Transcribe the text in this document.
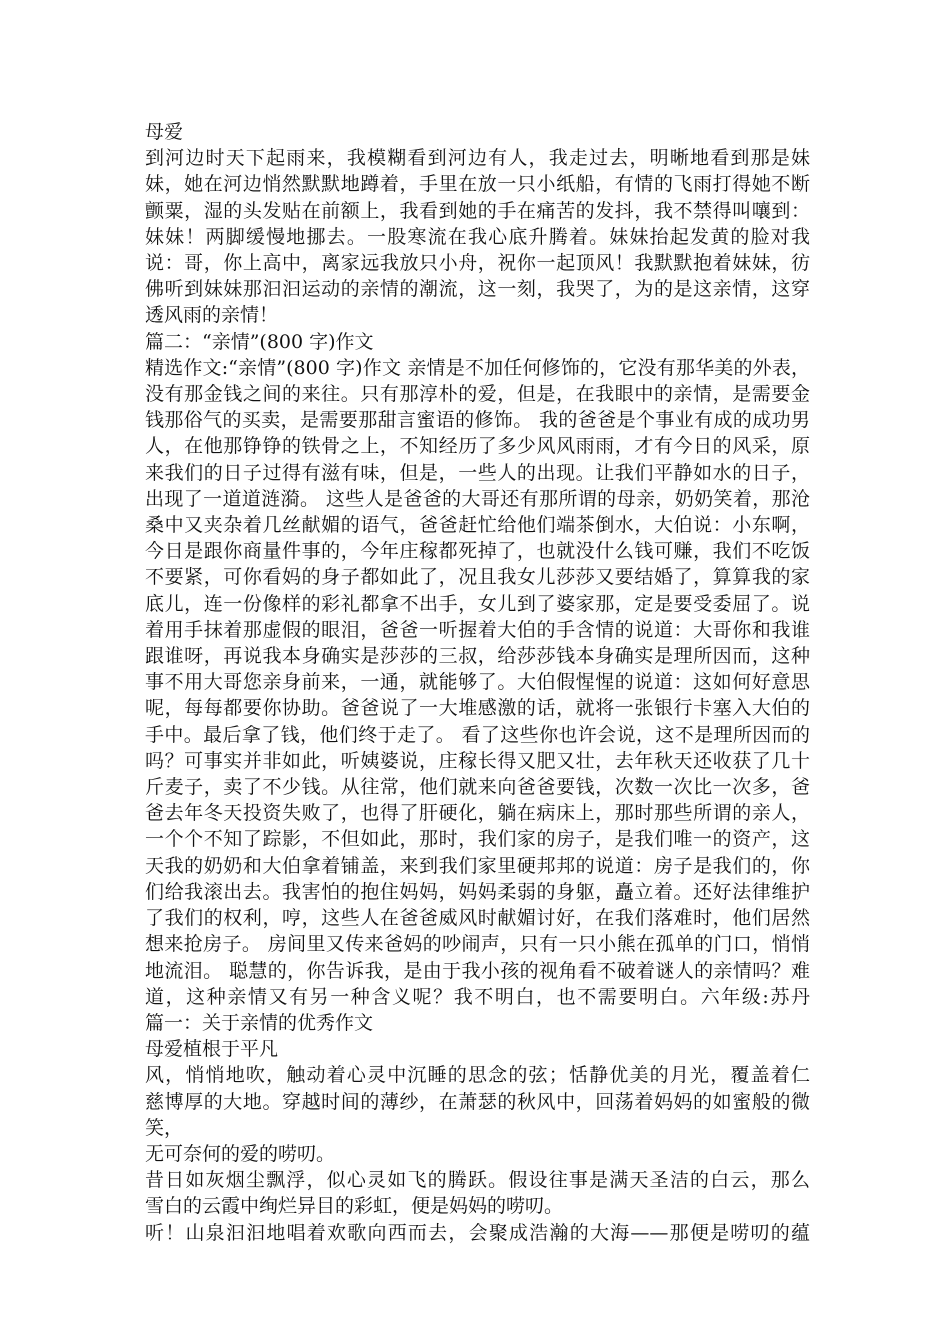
母爱
到河边时天下起雨来，我模糊看到河边有人，我走过去，明晰地看到那是妹
妹，她在河边悄然默默地蹲着，手里在放一只小纸船，有情的飞雨打得她不断
颤粟，湿的头发贴在前额上，我看到她的手在痛苦的发抖，我不禁得叫嚷到：
妹妹！两脚缓慢地挪去。一股寒流在我心底升腾着。妹妹抬起发黄的脸对我
说：哥，你上高中，离家远我放只小舟，祝你一起顶风！我默默抱着妹妹，彷
佛听到妹妹那汩汩运动的亲情的潮流，这一刻，我哭了，为的是这亲情，这穿
透风雨的亲情！
篇二：“亲情”(800 字)作文
精选作文:“亲情”(800 字)作文 亲情是不加任何修饰的，它没有那华美的外表，
没有那金钱之间的来往。只有那淳朴的爱，但是，在我眼中的亲情，是需要金
钱那俗气的买卖，是需要那甜言蜜语的修饰。 我的爸爸是个事业有成的成功男
人，在他那铮铮的铁骨之上，不知经历了多少风风雨雨，才有今日的风采，原
来我们的日子过得有滋有味，但是，一些人的出现。让我们平静如水的日子，
出现了一道道涟漪。 这些人是爸爸的大哥还有那所谓的母亲，奶奶笑着，那沧
桑中又夹杂着几丝献媚的语气，爸爸赶忙给他们端茶倒水，大伯说：小东啊，
今日是跟你商量件事的，今年庄稼都死掉了，也就没什么钱可赚，我们不吃饭
不要紧，可你看妈的身子都如此了，况且我女儿莎莎又要结婚了，算算我的家
底儿，连一份像样的彩礼都拿不出手，女儿到了婆家那，定是要受委屈了。说
着用手抹着那虚假的眼泪，爸爸一听握着大伯的手含情的说道：大哥你和我谁
跟谁呀，再说我本身确实是莎莎的三叔，给莎莎钱本身确实是理所因而，这种
事不用大哥您亲身前来，一通，就能够了。大伯假惺惺的说道：这如何好意思
呢，每每都要你协助。爸爸说了一大堆感激的话，就将一张银行卡塞入大伯的
手中。最后拿了钱，他们终于走了。 看了这些你也许会说，这不是理所因而的
吗？可事实并非如此，听姨婆说，庄稼长得又肥又壮，去年秋天还收获了几十
斤麦子，卖了不少钱。从往常，他们就来向爸爸要钱，次数一次比一次多，爸
爸去年冬天投资失败了，也得了肝硬化，躺在病床上，那时那些所谓的亲人，
一个个不知了踪影，不但如此，那时，我们家的房子，是我们唯一的资产，这
天我的奶奶和大伯拿着铺盖，来到我们家里硬邦邦的说道：房子是我们的，你
们给我滚出去。我害怕的抱住妈妈，妈妈柔弱的身躯，矗立着。还好法律维护
了我们的权利，哼，这些人在爸爸威风时献媚讨好，在我们落难时，他们居然
想来抢房子。 房间里又传来爸妈的吵闹声，只有一只小熊在孤单的门口，悄悄
地流泪。 聪慧的，你告诉我，是由于我小孩的视角看不破着谜人的亲情吗？难
道，这种亲情又有另一种含义呢？我不明白，也不需要明白。六年级:苏丹
篇一：关于亲情的优秀作文
母爱植根于平凡
风，悄悄地吹，触动着心灵中沉睡的思念的弦；恬静优美的月光，覆盖着仁
慈博厚的大地。穿越时间的薄纱，在萧瑟的秋风中，回荡着妈妈的如蜜般的微
笑，
无可奈何的爱的唠叨。
昔日如灰烟尘飘浮，似心灵如飞的腾跃。假设往事是满天圣洁的白云，那么
雪白的云霞中绚烂异目的彩虹，便是妈妈的唠叨。
听！山泉汩汩地唱着欢歌向西而去，会聚成浩瀚的大海——那便是唠叨的蕴
